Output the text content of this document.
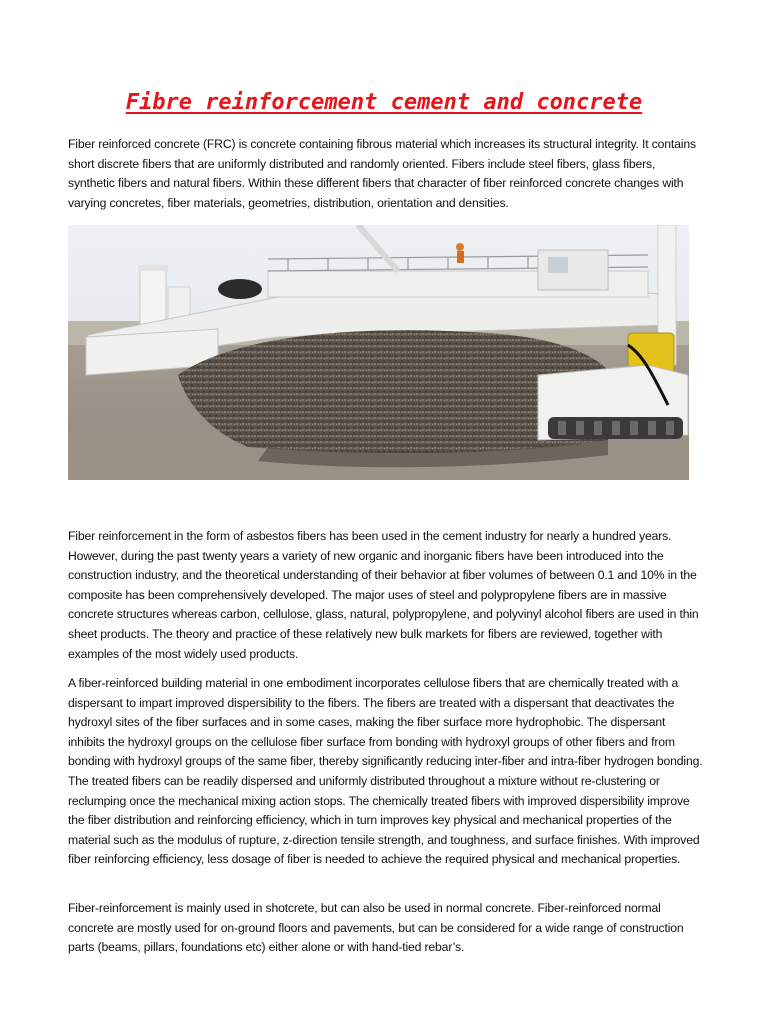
Fibre reinforcement cement and concrete

Fiber reinforced concrete (FRC) is concrete containing fibrous material which increases its structural integrity. It contains short discrete fibers that are uniformly distributed and randomly oriented. Fibers include steel fibers, glass fibers, synthetic fibers and natural fibers. Within these different fibers that character of fiber reinforced concrete changes with varying concretes, fiber materials, geometries, distribution, orientation and densities.

Fiber reinforcement in the form of asbestos fibers has been used in the cement industry for nearly a hundred years. However, during the past twenty years a variety of new organic and inorganic fibers have been introduced into the construction industry, and the theoretical understanding of their behavior at fiber volumes of between 0.1 and 10% in the composite has been comprehensively developed. The major uses of steel and polypropylene fibers are in massive concrete structures whereas carbon, cellulose, glass, natural, polypropylene, and polyvinyl alcohol fibers are used in thin sheet products. The theory and practice of these relatively new bulk markets for fibers are reviewed, together with examples of the most widely used products.

A fiber-reinforced building material in one embodiment incorporates cellulose fibers that are chemically treated with a dispersant to impart improved dispersibility to the fibers. The fibers are treated with a dispersant that deactivates the hydroxyl sites of the fiber surfaces and in some cases, making the fiber surface more hydrophobic. The dispersant inhibits the hydroxyl groups on the cellulose fiber surface from bonding with hydroxyl groups of other fibers and from bonding with hydroxyl groups of the same fiber, thereby significantly reducing inter-fiber and intra-fiber hydrogen bonding. The treated fibers can be readily dispersed and uniformly distributed throughout a mixture without re-clustering or reclumping once the mechanical mixing action stops. The chemically treated fibers with improved dispersibility improve the fiber distribution and reinforcing efficiency, which in turn improves key physical and mechanical properties of the material such as the modulus of rupture, z-direction tensile strength, and toughness, and surface finishes. With improved fiber reinforcing efficiency, less dosage of fiber is needed to achieve the required physical and mechanical properties.

Fiber-reinforcement is mainly used in shotcrete, but can also be used in normal concrete. Fiber-reinforced normal concrete are mostly used for on-ground floors and pavements, but can be considered for a wide range of construction parts (beams, pillars, foundations etc) either alone or with hand-tied rebar’s.
